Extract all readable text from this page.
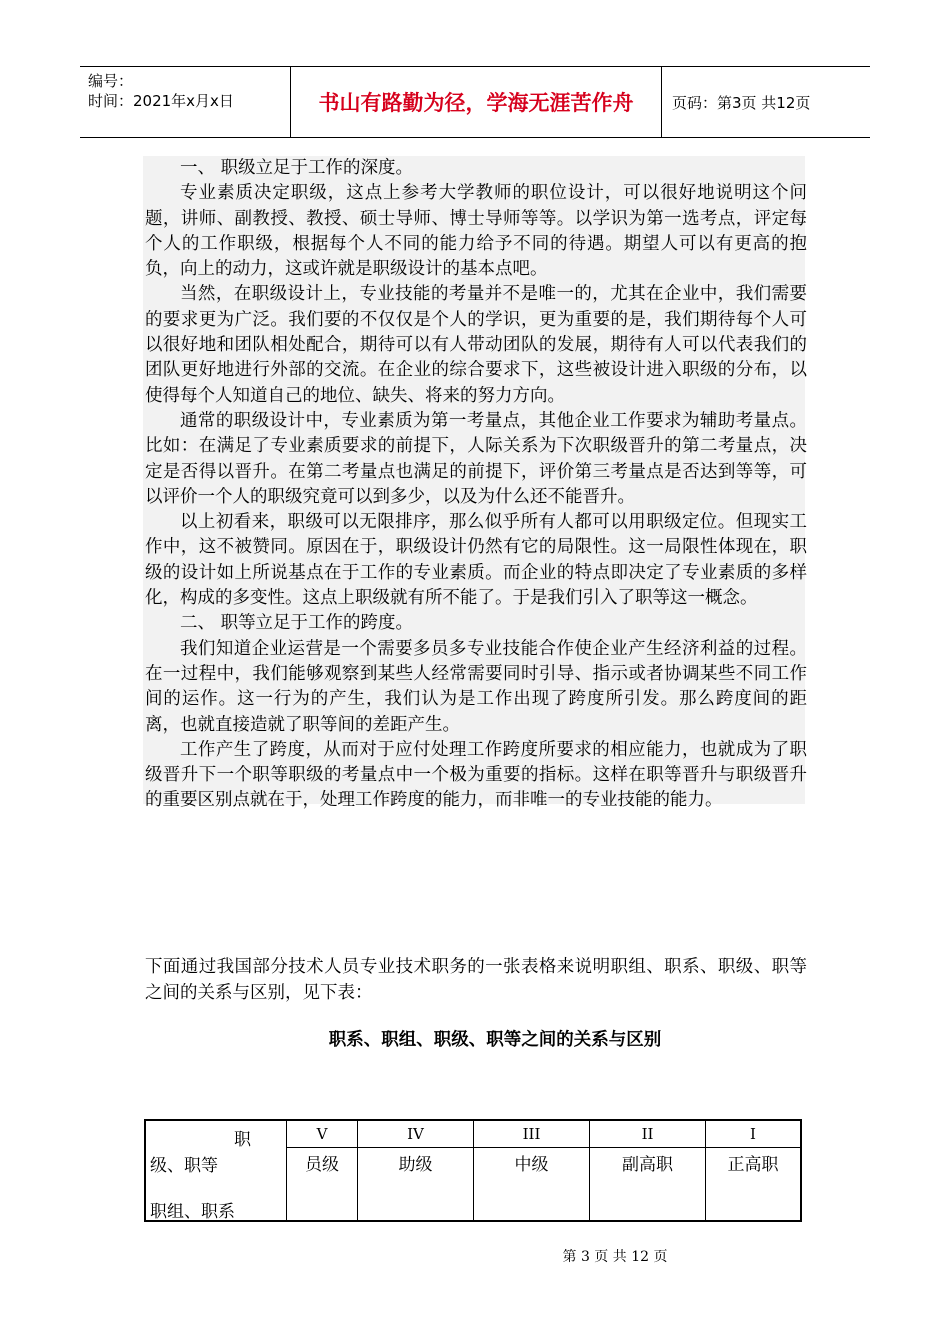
编号：
时间：2021年x月x日	书山有路勤为径，学海无涯苦作舟	页码：第3页 共12页

一、 职级立足于工作的深度。

专业素质决定职级，这点上参考大学教师的职位设计，可以很好地说明这个问题，讲师、副教授、教授、硕士导师、博士导师等等。以学识为第一选考点，评定每个人的工作职级，根据每个人不同的能力给予不同的待遇。期望人可以有更高的抱负，向上的动力，这或许就是职级设计的基本点吧。

当然，在职级设计上，专业技能的考量并不是唯一的，尤其在企业中，我们需要的要求更为广泛。我们要的不仅仅是个人的学识，更为重要的是，我们期待每个人可以很好地和团队相处配合，期待可以有人带动团队的发展，期待有人可以代表我们的团队更好地进行外部的交流。在企业的综合要求下，这些被设计进入职级的分布，以使得每个人知道自己的地位、缺失、将来的努力方向。

通常的职级设计中，专业素质为第一考量点，其他企业工作要求为辅助考量点。比如：在满足了专业素质要求的前提下，人际关系为下次职级晋升的第二考量点，决定是否得以晋升。在第二考量点也满足的前提下，评价第三考量点是否达到等等，可以评价一个人的职级究竟可以到多少，以及为什么还不能晋升。

以上初看来，职级可以无限排序，那么似乎所有人都可以用职级定位。但现实工作中，这不被赞同。原因在于，职级设计仍然有它的局限性。这一局限性体现在，职级的设计如上所说基点在于工作的专业素质。而企业的特点即决定了专业素质的多样化，构成的多变性。这点上职级就有所不能了。于是我们引入了职等这一概念。

二、 职等立足于工作的跨度。

我们知道企业运营是一个需要多员多专业技能合作使企业产生经济利益的过程。在一过程中，我们能够观察到某些人经常需要同时引导、指示或者协调某些不同工作间的运作。这一行为的产生，我们认为是工作出现了跨度所引发。那么跨度间的距离，也就直接造就了职等间的差距产生。

工作产生了跨度，从而对于应付处理工作跨度所要求的相应能力，也就成为了职级晋升下一个职等职级的考量点中一个极为重要的指标。这样在职等晋升与职级晋升的重要区别点就在于，处理工作跨度的能力，而非唯一的专业技能的能力。

下面通过我国部分技术人员专业技术职务的一张表格来说明职组、职系、职级、职等之间的关系与区别，见下表：

职系、职组、职级、职等之间的关系与区别
职
级、职等
职组、职系	V	IV	III	II	I
	员级	助级	中级	副高职	正高职
第 3 页 共 12 页
